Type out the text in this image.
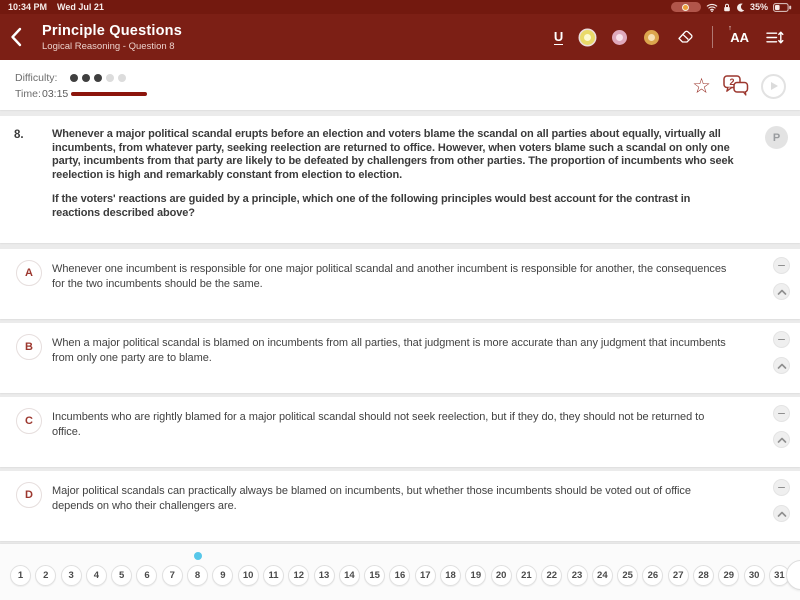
10:34 PM Wed Jul 21	35%
Principle Questions
Logical Reasoning - Question 8
U
↑
AA
Difficulty:
Time: 03:15	☆ 2
8.	Whenever a major political scandal erupts before an election and voters blame the scandal on all parties about equally, virtually all incumbents, from whatever party, seeking reelection are returned to office. However, when voters blame such a scandal on only one party, incumbents from that party are likely to be defeated by challengers from other parties. The proportion of incumbents who seek reelection is high and remarkably constant from election to election.

If the voters' reactions are guided by a principle, which one of the following principles would best account for the contrast in reactions described above?

P
A	Whenever one incumbent is responsible for one major political scandal and another incumbent is responsible for another, the consequences for the two incumbents should be the same.

B	When a major political scandal is blamed on incumbents from all parties, that judgment is more accurate than any judgment that incumbents from only one party are to blame.

C	Incumbents who are rightly blamed for a major political scandal should not seek reelection, but if they do, they should not be returned to office.

D	Major political scandals can practically always be blamed on incumbents, but whether those incumbents should be voted out of office depends on who their challengers are.

1	2	3	4	5	6	7	8	9	10	11	12	13	14	15	16	17	18	19	20	21	22	23	24	25	26	27	28	29	30	31
